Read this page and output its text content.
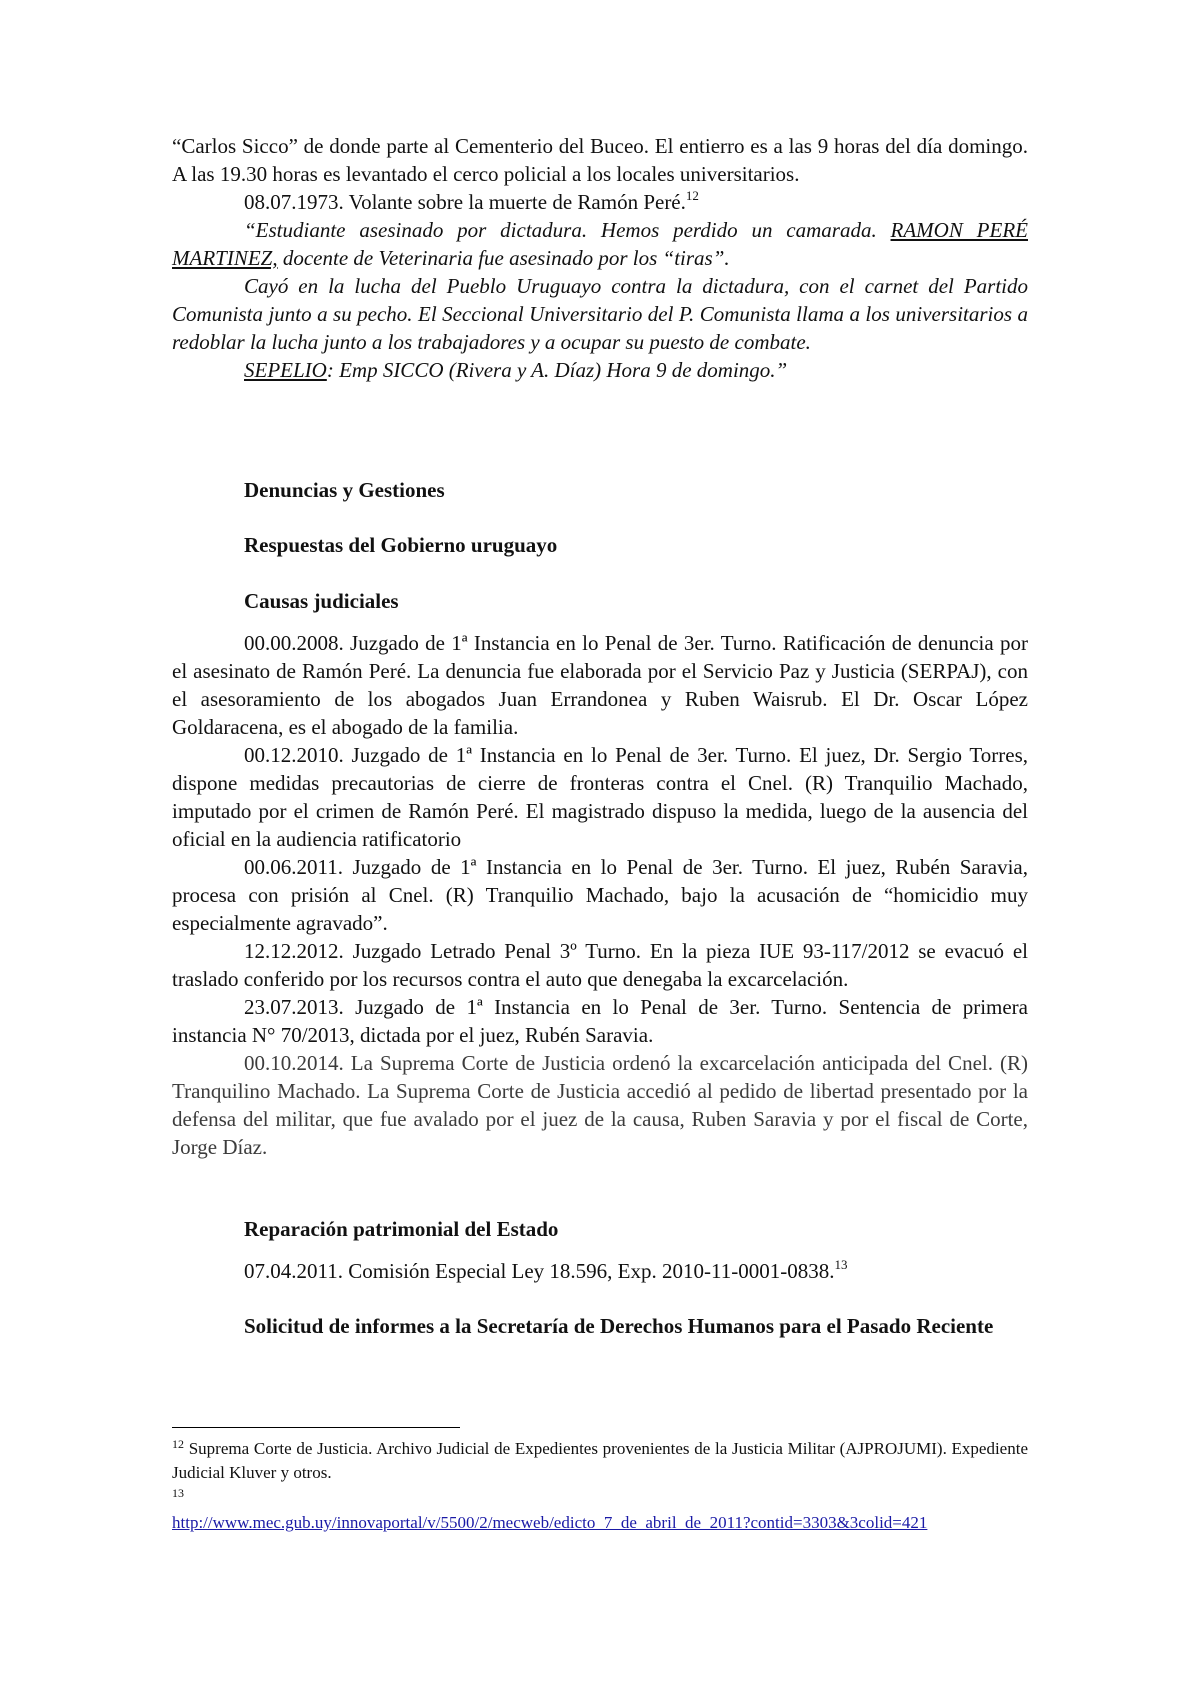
“Carlos Sicco” de donde parte al Cementerio del Buceo. El entierro es a las 9 horas del día domingo. A las 19.30 horas es levantado el cerco policial a los locales universitarios.

08.07.1973. Volante sobre la muerte de Ramón Peré.$^{12}$

“Estudiante asesinado por dictadura. Hemos perdido un camarada. RAMON PERÉ MARTINEZ, docente de Veterinaria fue asesinado por los “tiras”.

Cayó en la lucha del Pueblo Uruguayo contra la dictadura, con el carnet del Partido Comunista junto a su pecho. El Seccional Universitario del P. Comunista llama a los universitarios a redoblar la lucha junto a los trabajadores y a ocupar su puesto de combate.

SEPELIO: Emp SICCO (Rivera y A. Díaz) Hora 9 de domingo.”

Denuncias y Gestiones

Respuestas del Gobierno uruguayo

Causas judiciales

00.00.2008. Juzgado de 1ª Instancia en lo Penal de 3er. Turno. Ratificación de denuncia por el asesinato de Ramón Peré. La denuncia fue elaborada por el Servicio Paz y Justicia (SERPAJ), con el asesoramiento de los abogados Juan Errandonea y Ruben Waisrub. El Dr. Oscar López Goldaracena, es el abogado de la familia.

00.12.2010. Juzgado de 1ª Instancia en lo Penal de 3er. Turno. El juez, Dr. Sergio Torres, dispone medidas precautorias de cierre de fronteras contra el Cnel. (R) Tranquilio Machado, imputado por el crimen de Ramón Peré. El magistrado dispuso la medida, luego de la ausencia del oficial en la audiencia ratificatorio

00.06.2011. Juzgado de 1ª Instancia en lo Penal de 3er. Turno. El juez, Rubén Saravia, procesa con prisión al Cnel. (R) Tranquilio Machado, bajo la acusación de “homicidio muy especialmente agravado”.

12.12.2012. Juzgado Letrado Penal 3º Turno. En la pieza IUE 93-117/2012 se evacuó el traslado conferido por los recursos contra el auto que denegaba la excarcelación.

23.07.2013. Juzgado de 1ª Instancia en lo Penal de 3er. Turno. Sentencia de primera instancia N° 70/2013, dictada por el juez, Rubén Saravia.

00.10.2014. La Suprema Corte de Justicia ordenó la excarcelación anticipada del Cnel. (R) Tranquilino Machado. La Suprema Corte de Justicia accedió al pedido de libertad presentado por la defensa del militar, que fue avalado por el juez de la causa, Ruben Saravia y por el fiscal de Corte, Jorge Díaz.

Reparación patrimonial del Estado

07.04.2011. Comisión Especial Ley 18.596, Exp. 2010-11-0001-0838.13

Solicitud de informes a la Secretaría de Derechos Humanos para el Pasado Reciente

$^{12}$ Suprema Corte de Justicia. Archivo Judicial de Expedientes provenientes de la Justicia Militar (AJPROJUMI). Expediente Judicial Kluver y otros.

13

http://www.mec.gub.uy/innovaportal/v/5500/2/mecweb/edicto_7_de_abril_de_2011?contid=3303&3colid=421
